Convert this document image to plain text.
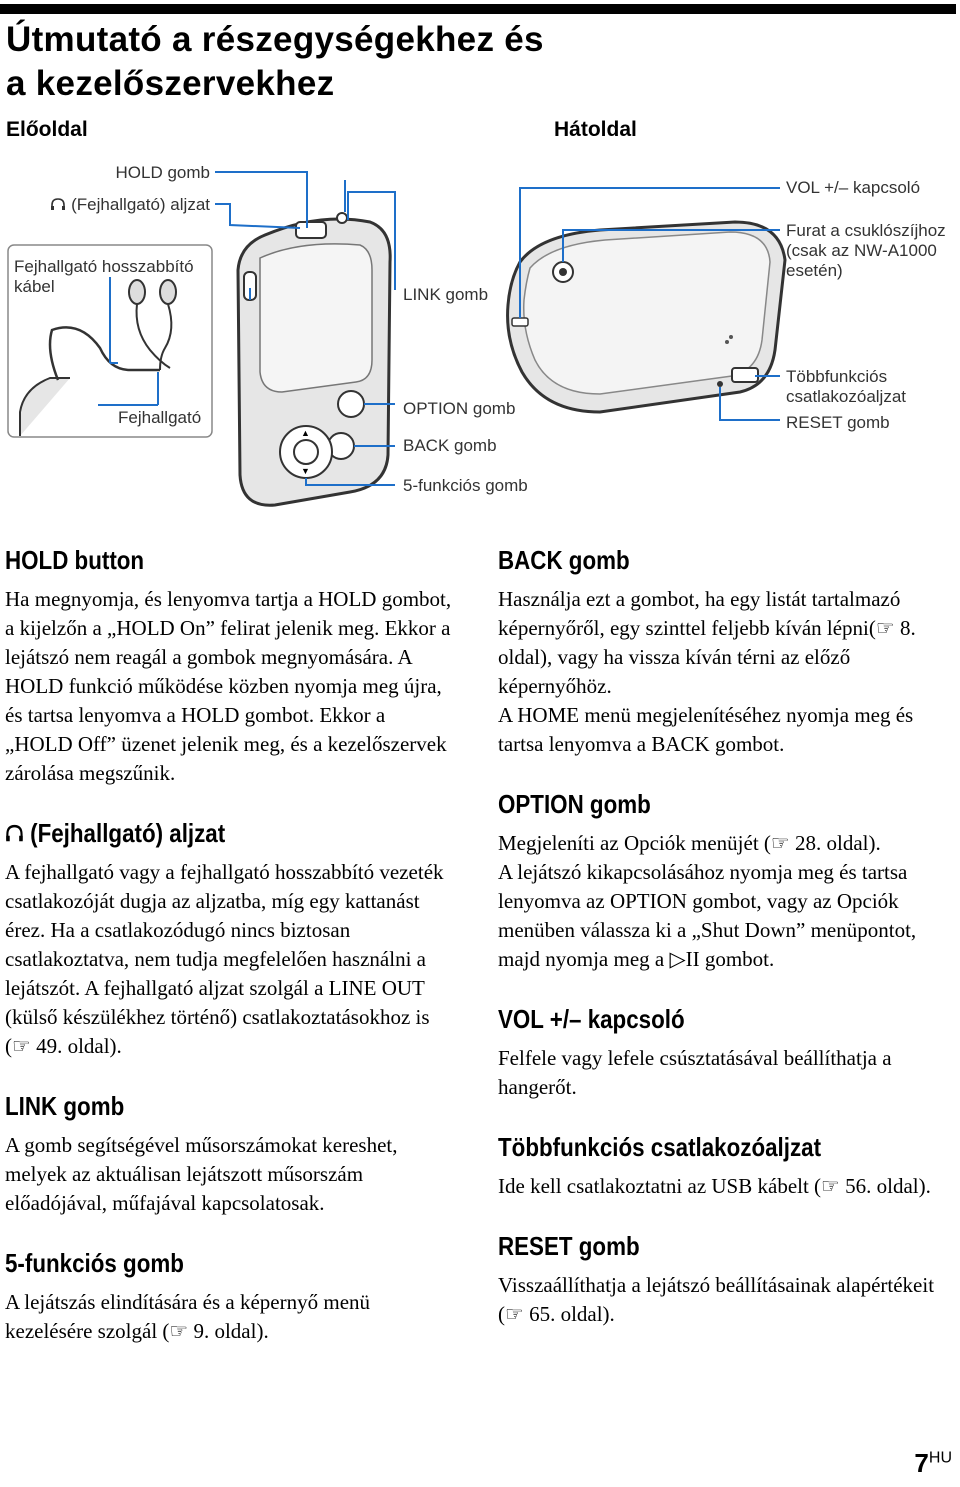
Útmutató a részegységekhez és
a kezelőszervekhez
Előoldal	Hátoldal
▲
▼
HOLD gomb
(Fejhallgató) aljzat
Fejhallgató hosszabbító
kábel
Fejhallgató
LINK gomb
OPTION gomb
BACK gomb
5-funkciós gomb
VOL +/– kapcsoló
Furat a csuklószíjhoz
(csak az NW-A1000
esetén)
Többfunkciós
csatlakozóaljzat
RESET gomb
HOLD button

Ha megnyomja, és lenyomva tartja a HOLD gombot, a kijelzőn a „HOLD On” felirat jelenik meg. Ekkor a lejátszó nem reagál a gombok megnyomására. A HOLD funkció működése közben nyomja meg újra, és tartsa lenyomva a HOLD gombot. Ekkor a „HOLD Off” üzenet jelenik meg, és a kezelőszervek zárolása megszűnik.

(Fejhallgató) aljzat

A fejhallgató vagy a fejhallgató hosszabbító vezeték csatlakozóját dugja az aljzatba, míg egy kattanást érez. Ha a csatlakozódugó nincs biztosan csatlakoztatva, nem tudja megfelelően használni a lejátszót. A fejhallgató aljzat szolgál a LINE OUT (külső készülékhez történő) csatlakoztatásokhoz is (☞ 49. oldal).

LINK gomb

A gomb segítségével műsorszámokat kereshet, melyek az aktuálisan lejátszott műsorszám előadójával, műfajával kapcsolatosak.

5-funkciós gomb

A lejátszás elindítására és a képernyő menü kezelésére szolgál (☞ 9. oldal).

BACK gomb

Használja ezt a gombot, ha egy listát tartalmazó képernyőről, egy szinttel feljebb kíván lépni(☞ 8. oldal), vagy ha vissza kíván térni az előző képernyőhöz.

A HOME menü megjelenítéséhez nyomja meg és tartsa lenyomva a BACK gombot.

OPTION gomb

Megjeleníti az Opciók menüjét (☞ 28. oldal).

A lejátszó kikapcsolásához nyomja meg és tartsa lenyomva az OPTION gombot, vagy az Opciók menüben válassza ki a „Shut Down” menüpontot, majd nyomja meg a ▷II gombot.

VOL +/– kapcsoló

Felfele vagy lefele csúsztatásával beállíthatja a hangerőt.

Többfunkciós csatlakozóaljzat

Ide kell csatlakoztatni az USB kábelt (☞ 56. oldal).

RESET gomb

Visszaállíthatja a lejátszó beállításainak alapértékeit (☞ 65. oldal).

$7^{HU}$
